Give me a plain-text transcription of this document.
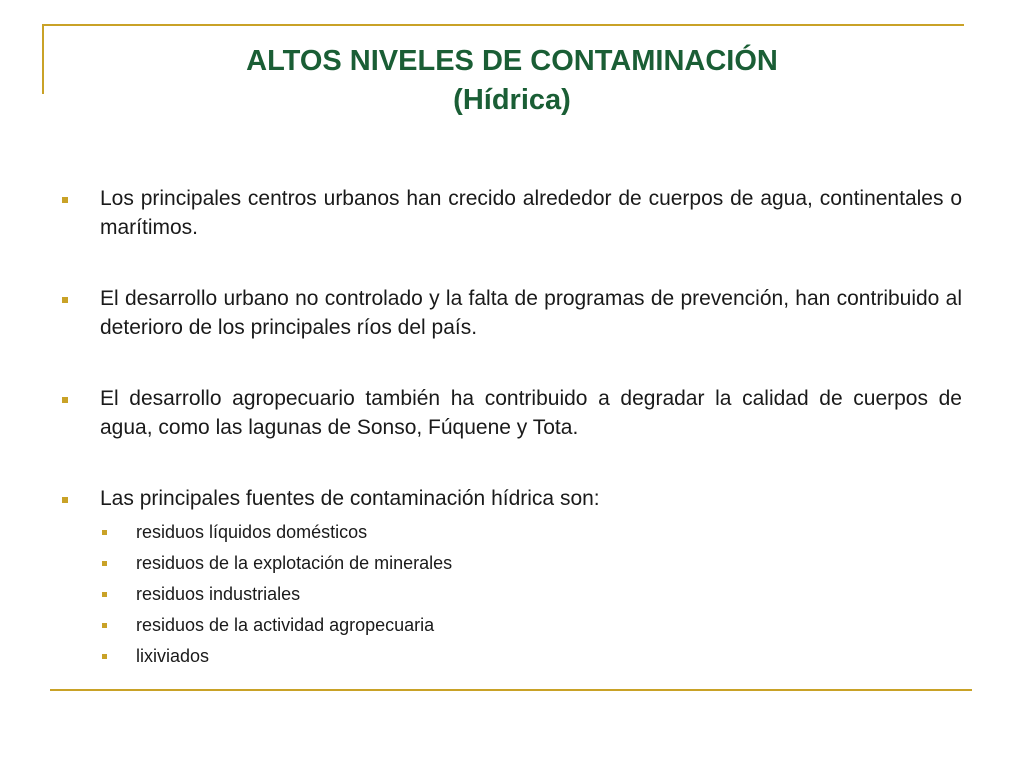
ALTOS NIVELES DE CONTAMINACIÓN
(Hídrica)
Los principales centros urbanos han crecido alrededor de cuerpos de agua, continentales o marítimos.
El desarrollo urbano no controlado y la falta de programas de prevención, han contribuido al deterioro de los principales ríos del país.
El desarrollo agropecuario también ha contribuido a degradar la calidad de cuerpos de agua, como las lagunas de Sonso, Fúquene y Tota.
Las principales fuentes de contaminación hídrica son:
residuos líquidos domésticos
residuos de la explotación de minerales
residuos industriales
residuos de la actividad agropecuaria
lixiviados
